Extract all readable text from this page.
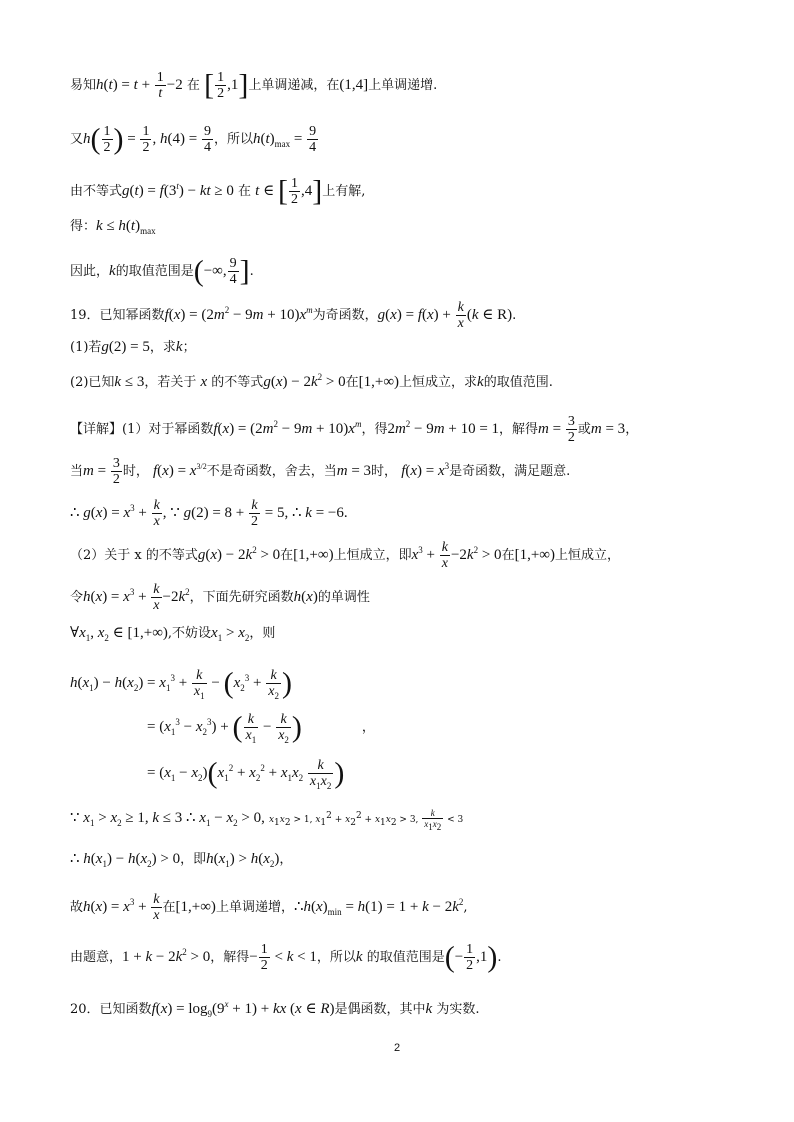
易知$h(t) = t + \frac{1}{t} -2$ 在 [ $\frac{1}{2} ,1$]上单调递减，在(1,4]上单调递增.
又$h( \frac{1}{2}$ ) = $\frac{1}{2}$ , $h(4) = \frac{9}{4}$ ，所以$h(t)_{max} = \frac{9}{4}$
由不等式$g(t) = f(3^t)$ − kt ≥ 0 在 t ∈ [ $\frac{1}{2} ,4$]上有解,
得：$k \le h(t)_{max}$
因此，k的取值范围是(−∞, $\frac{9}{4}$ ].
19．已知幂函数$f(x) = (2m^2 - 9m + 10)x^m$为奇函数，$g(x) = f(x) + \frac{k}{x} (k$ ∈ R).
(1)若g(2) = 5，求k；
(2)已知k ≤ 3，若关于 x 的不等式$g(x) - 2k^2 > 0$在[1,+∞)上恒成立，求k的取值范围.
【详解】(1）对于幂函数$f(x) = (2m^2 - 9m + 10)x^m$，得$2m^2 - 9m + 10 = 1$，解得$m = \frac{3}{2}$ 或m = 3，
当$m = \frac{3}{2}$ 时， $f(x) = x^{3/2}$不是奇函数，舍去，当m = 3时， $f(x) = x^3$是奇函数，满足题意.
∴ $g(x) = x^3 + \frac{k}{x}$ , ∵ $g(2) = 8 + \frac{k}{2} = 5$, ∴ k = −6.
（2）关于 x 的不等式$g(x) - 2k^2 > 0$在[1,+∞)上恒成立，即$x^3 + \frac{k}{x} -2k^2 > 0$在[1,+∞)上恒成立，
令$h(x) = x^3 + \frac{k}{x} -2k^2$，下面先研究函数h(x)的单调性
$\forall x_1$, $x_2$ ∈ [1,+∞),不妨设$x_1 > x_2$，则
$h(x_1) - h(x_2) = x_1^3 + \frac{k}{x_1} - (x_2^3 + \frac{k}{x_2}$ )
= $(x_1^3 - x_2^3)$ + ( $\frac{k}{x_1} - \frac{k}{x_2}$ )	，
= $(x_1 - x_2)(x_1^2 + x_2^2 + x_1x_2 \frac{k}{x_1x_2}$ )
∵ $x_1 > x_2 \ge 1$, k ≤ 3 ∴ $x_1 - x_2 > 0$, $x_1x_2 > 1$, $x_1^2 + x_2^2 + x_1x_2 > 3$, $\frac{k}{x_1x_2} < 3$
∴ $h(x_1) - h(x_2) > 0$，即$h(x_1) > h(x_2)$，
故$h(x) = x^3 + \frac{k}{x}$ 在[1,+∞)上单调递增，$\therefore h(x)_{min} = h(1) = 1 + k - 2k^2$,
由题意，$1 + k - 2k^2 > 0$，解得− $\frac{1}{2} < k < 1$，所以k 的取值范围是(− $\frac{1}{2} ,1$).
20．已知函数$f(x) = \log_9(9^x + 1)$ + kx (x ∈ R)是偶函数，其中k 为实数.
2
